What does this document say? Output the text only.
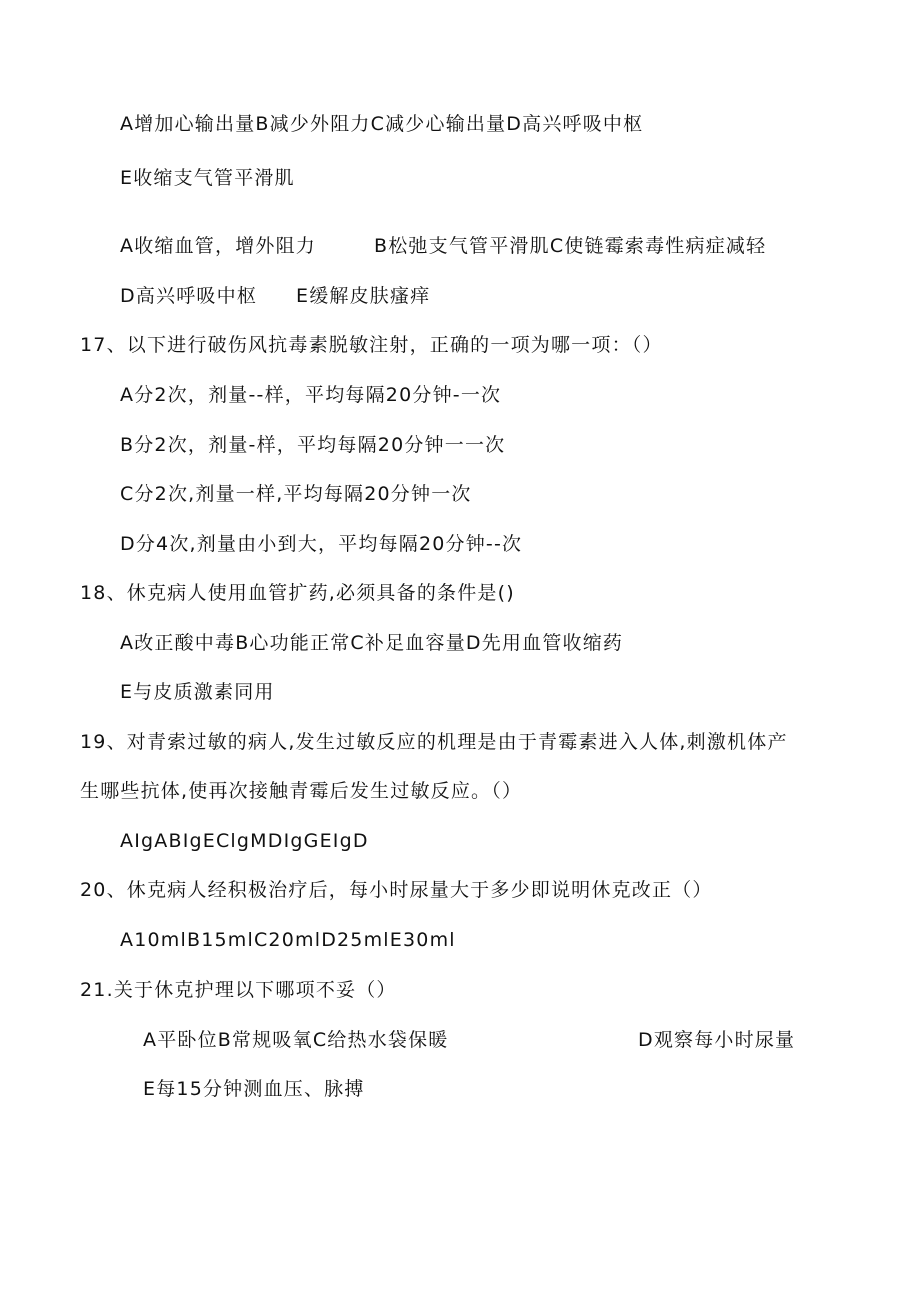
A增加心输出量B减少外阻力C减少心输出量D高兴呼吸中枢
E收缩支气管平滑肌
A收缩血管，增外阻力	B松弛支气管平滑肌C使链霉索毒性病症减轻
D高兴呼吸中枢 E缓解皮肤瘙痒
17、以下进行破伤风抗毒素脱敏注射，正确的一项为哪一项：（）
A分2次，剂量--样，平均每隔20分钟-一次
B分2次，剂量-样，平均每隔20分钟一一次
C分2次,剂量一样,平均每隔20分钟一次
D分4次,剂量由小到大，平均每隔20分钟--次
18、休克病人使用血管扩药,必须具备的条件是()
A改正酸中毒B心功能正常C补足血容量D先用血管收缩药
E与皮质激素同用
19、对青索过敏的病人,发生过敏反应的机理是由于青霉素进入人体,刺激机体产
生哪些抗体,使再次接触青霉后发生过敏反应。（）
AIgABIgEClgMDIgGEIgD
20、休克病人经积极治疗后，每小时尿量大于多少即说明休克改正（）
A10mlB15mlC20mlD25mlE30ml
21.关于休克护理以下哪项不妥（）
A平卧位B常规吸氧C给热水袋保暖	D观察每小时尿量
E每15分钟测血压、脉搏
